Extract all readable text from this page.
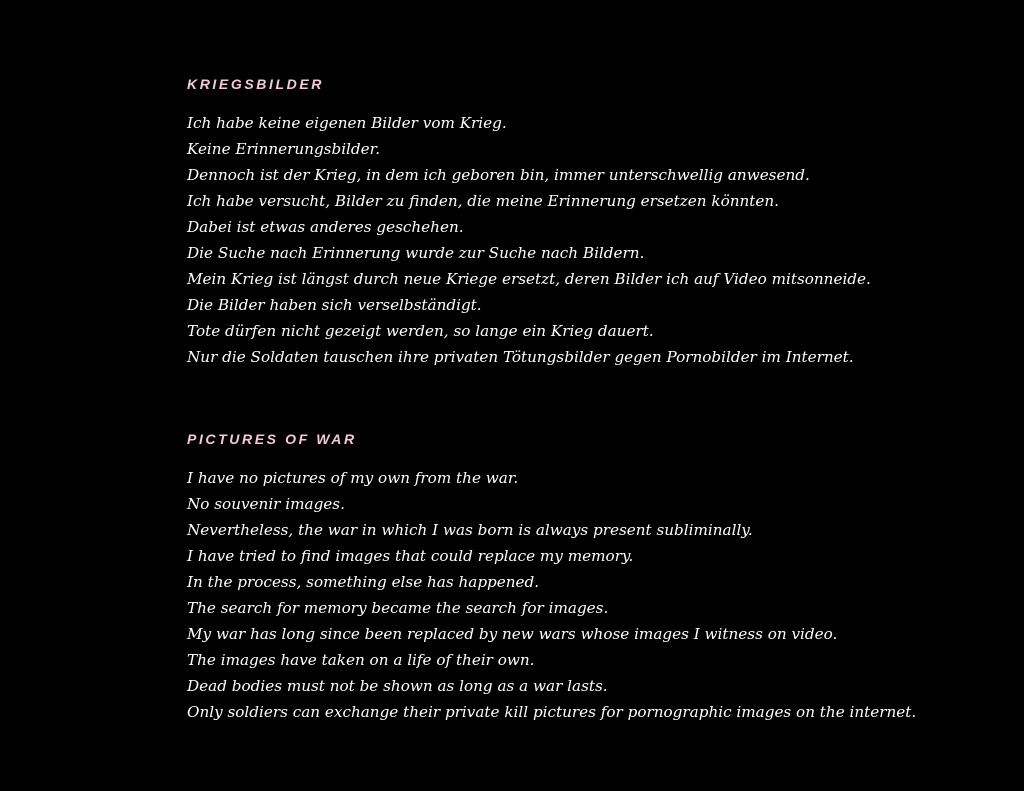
KRIEGSBILDER
Ich habe keine eigenen Bilder vom Krieg.
Keine Erinnerungsbilder.
Dennoch ist der Krieg, in dem ich geboren bin, immer unterschwellig anwesend.
Ich habe versucht, Bilder zu finden, die meine Erinnerung ersetzen könnten.
Dabei ist etwas anderes geschehen.
Die Suche nach Erinnerung wurde zur Suche nach Bildern.
Mein Krieg ist längst durch neue Kriege ersetzt, deren Bilder ich auf Video mitsonneide.
Die Bilder haben sich verselbständigt.
Tote dürfen nicht gezeigt werden, so lange ein Krieg dauert.
Nur die Soldaten tauschen ihre privaten Tötungsbilder gegen Pornobilder im Internet.
PICTURES OF WAR
I have no pictures of my own from the war.
No souvenir images.
Nevertheless, the war in which I was born is always present subliminally.
I have tried to find images that could replace my memory.
In the process, something else has happened.
The search for memory became the search for images.
My war has long since been replaced by new wars whose images I witness on video.
The images have taken on a life of their own.
Dead bodies must not be shown as long as a war lasts.
Only soldiers can exchange their private kill pictures for pornographic images on the internet.
